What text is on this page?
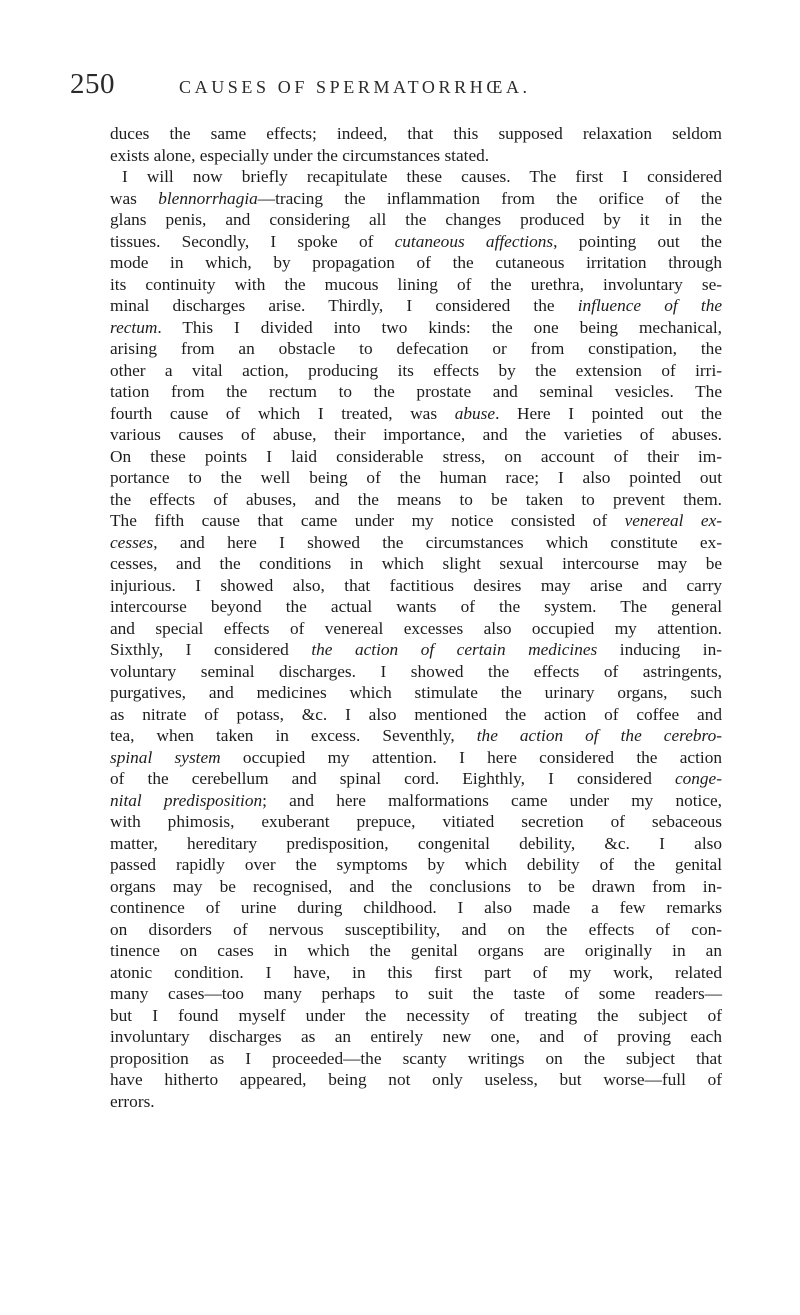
250	CAUSES OF SPERMATORRHŒA.
duces the same effects; indeed, that this supposed relaxation seldom
exists alone, especially under the circumstances stated.
I will now briefly recapitulate these causes. The first I considered
was blennorrhagia—tracing the inflammation from the orifice of the
glans penis, and considering all the changes produced by it in the
tissues. Secondly, I spoke of cutaneous affections, pointing out the
mode in which, by propagation of the cutaneous irritation through
its continuity with the mucous lining of the urethra, involuntary se-
minal discharges arise. Thirdly, I considered the influence of the
rectum. This I divided into two kinds: the one being mechanical,
arising from an obstacle to defecation or from constipation, the
other a vital action, producing its effects by the extension of irri-
tation from the rectum to the prostate and seminal vesicles. The
fourth cause of which I treated, was abuse. Here I pointed out the
various causes of abuse, their importance, and the varieties of abuses.
On these points I laid considerable stress, on account of their im-
portance to the well being of the human race; I also pointed out
the effects of abuses, and the means to be taken to prevent them.
The fifth cause that came under my notice consisted of venereal ex-
cesses, and here I showed the circumstances which constitute ex-
cesses, and the conditions in which slight sexual intercourse may be
injurious. I showed also, that factitious desires may arise and carry
intercourse beyond the actual wants of the system. The general
and special effects of venereal excesses also occupied my attention.
Sixthly, I considered the action of certain medicines inducing in-
voluntary seminal discharges. I showed the effects of astringents,
purgatives, and medicines which stimulate the urinary organs, such
as nitrate of potass, &c. I also mentioned the action of coffee and
tea, when taken in excess. Seventhly, the action of the cerebro-
spinal system occupied my attention. I here considered the action
of the cerebellum and spinal cord. Eighthly, I considered conge-
nital predisposition; and here malformations came under my notice,
with phimosis, exuberant prepuce, vitiated secretion of sebaceous
matter, hereditary predisposition, congenital debility, &c. I also
passed rapidly over the symptoms by which debility of the genital
organs may be recognised, and the conclusions to be drawn from in-
continence of urine during childhood. I also made a few remarks
on disorders of nervous susceptibility, and on the effects of con-
tinence on cases in which the genital organs are originally in an
atonic condition. I have, in this first part of my work, related
many cases—too many perhaps to suit the taste of some readers—
but I found myself under the necessity of treating the subject of
involuntary discharges as an entirely new one, and of proving each
proposition as I proceeded—the scanty writings on the subject that
have hitherto appeared, being not only useless, but worse—full of
errors.
